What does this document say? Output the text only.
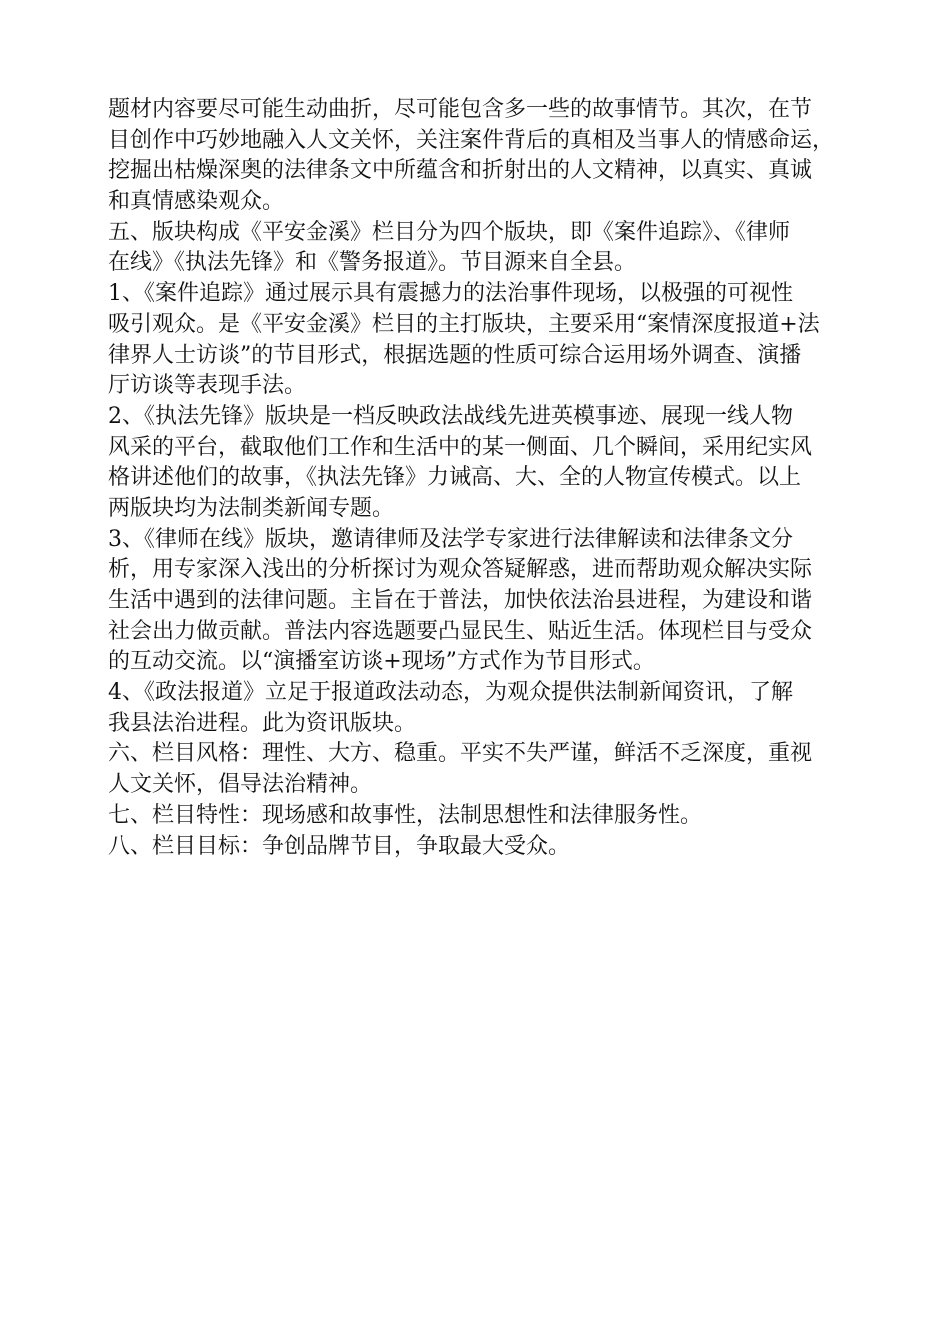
题材内容要尽可能生动曲折，尽可能包含多一些的故事情节。其次，在节
目创作中巧妙地融入人文关怀，关注案件背后的真相及当事人的情感命运，
挖掘出枯燥深奥的法律条文中所蕴含和折射出的人文精神，以真实、真诚
和真情感染观众。
五、版块构成《平安金溪》栏目分为四个版块，即《案件追踪》、《律师
在线》《执法先锋》和《警务报道》。节目源来自全县。
1、《案件追踪》通过展示具有震撼力的法治事件现场，以极强的可视性
吸引观众。是《平安金溪》栏目的主打版块，主要采用“案情深度报道+法
律界人士访谈”的节目形式，根据选题的性质可综合运用场外调查、演播
厅访谈等表现手法。
2、《执法先锋》版块是一档反映政法战线先进英模事迹、展现一线人物
风采的平台，截取他们工作和生活中的某一侧面、几个瞬间，采用纪实风
格讲述他们的故事，《执法先锋》力诫高、大、全的人物宣传模式。以上
两版块均为法制类新闻专题。
3、《律师在线》版块，邀请律师及法学专家进行法律解读和法律条文分
析，用专家深入浅出的分析探讨为观众答疑解惑，进而帮助观众解决实际
生活中遇到的法律问题。主旨在于普法，加快依法治县进程，为建设和谐
社会出力做贡献。普法内容选题要凸显民生、贴近生活。体现栏目与受众
的互动交流。以“演播室访谈+现场”方式作为节目形式。
4、《政法报道》立足于报道政法动态，为观众提供法制新闻资讯，了解
我县法治进程。此为资讯版块。
六、栏目风格：理性、大方、稳重。平实不失严谨，鲜活不乏深度，重视
人文关怀，倡导法治精神。
七、栏目特性：现场感和故事性，法制思想性和法律服务性。
八、栏目目标：争创品牌节目，争取最大受众。
